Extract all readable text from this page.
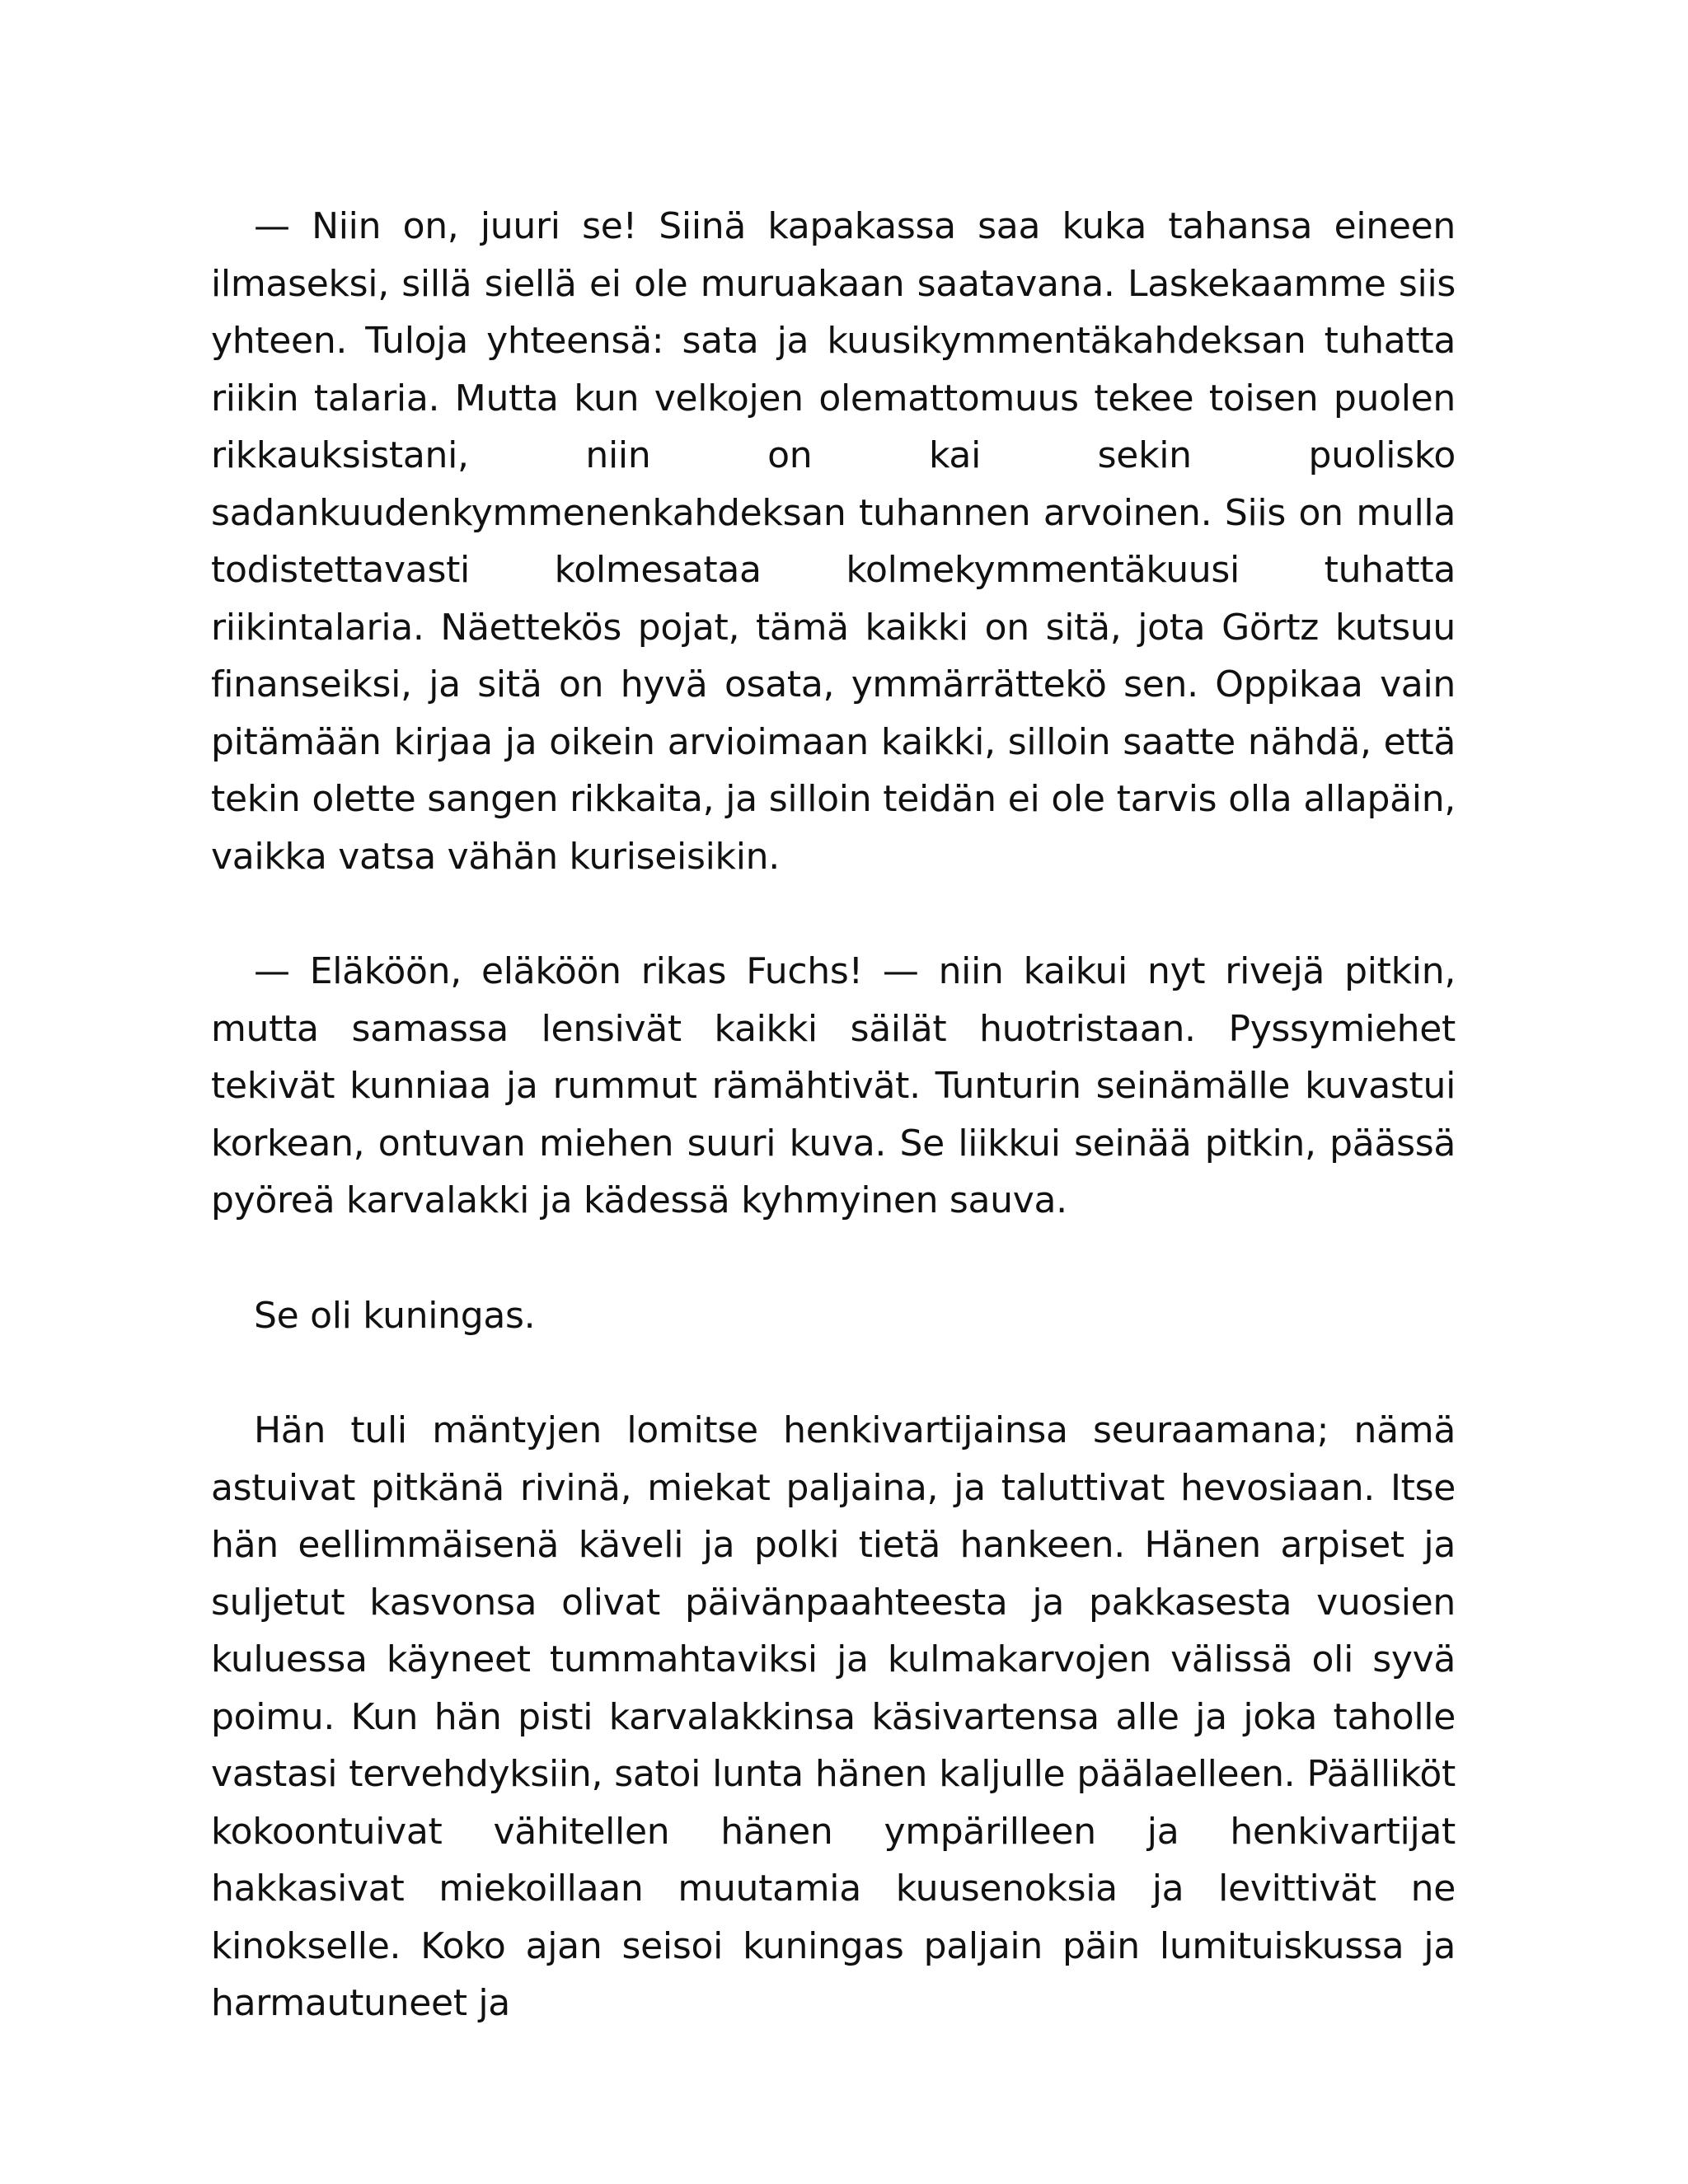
— Niin on, juuri se! Siinä kapakassa saa kuka tahansa eineen ilmaseksi, sillä siellä ei ole muruakaan saatavana. Laskekaamme siis yhteen. Tuloja yhteensä: sata ja kuusikymmentäkahdeksan tuhatta riikin talaria. Mutta kun velkojen olemattomuus tekee toisen puolen rikkauksistani, niin on kai sekin puolisko sadankuudenkymmenenkahdeksan tuhannen arvoinen. Siis on mulla todistettavasti kolmesataa kolmekymmentäkuusi tuhatta riikintalaria. Näettekös pojat, tämä kaikki on sitä, jota Görtz kutsuu finanseiksi, ja sitä on hyvä osata, ymmärrättekö sen. Oppikaa vain pitämään kirjaa ja oikein arvioimaan kaikki, silloin saatte nähdä, että tekin olette sangen rikkaita, ja silloin teidän ei ole tarvis olla allapäin, vaikka vatsa vähän kuriseisikin.

— Eläköön, eläköön rikas Fuchs! — niin kaikui nyt rivejä pitkin, mutta samassa lensivät kaikki säilät huotristaan. Pyssymiehet tekivät kunniaa ja rummut rämähtivät. Tunturin seinämälle kuvastui korkean, ontuvan miehen suuri kuva. Se liikkui seinää pitkin, päässä pyöreä karvalakki ja kädessä kyhmyinen sauva.

Se oli kuningas.

Hän tuli mäntyjen lomitse henkivartijainsa seuraamana; nämä astuivat pitkänä rivinä, miekat paljaina, ja taluttivat hevosiaan. Itse hän eellimmäisenä käveli ja polki tietä hankeen. Hänen arpiset ja suljetut kasvonsa olivat päivänpaahteesta ja pakkasesta vuosien kuluessa käyneet tummahtaviksi ja kulmakarvojen välissä oli syvä poimu. Kun hän pisti karvalakkinsa käsivartensa alle ja joka taholle vastasi tervehdyksiin, satoi lunta hänen kaljulle päälaelleen. Päälliköt kokoontuivat vähitellen hänen ympärilleen ja henkivartijat hakkasivat miekoillaan muutamia kuusenoksia ja levittivät ne kinokselle. Koko ajan seisoi kuningas paljain päin lumituiskussa ja harmautuneet ja
